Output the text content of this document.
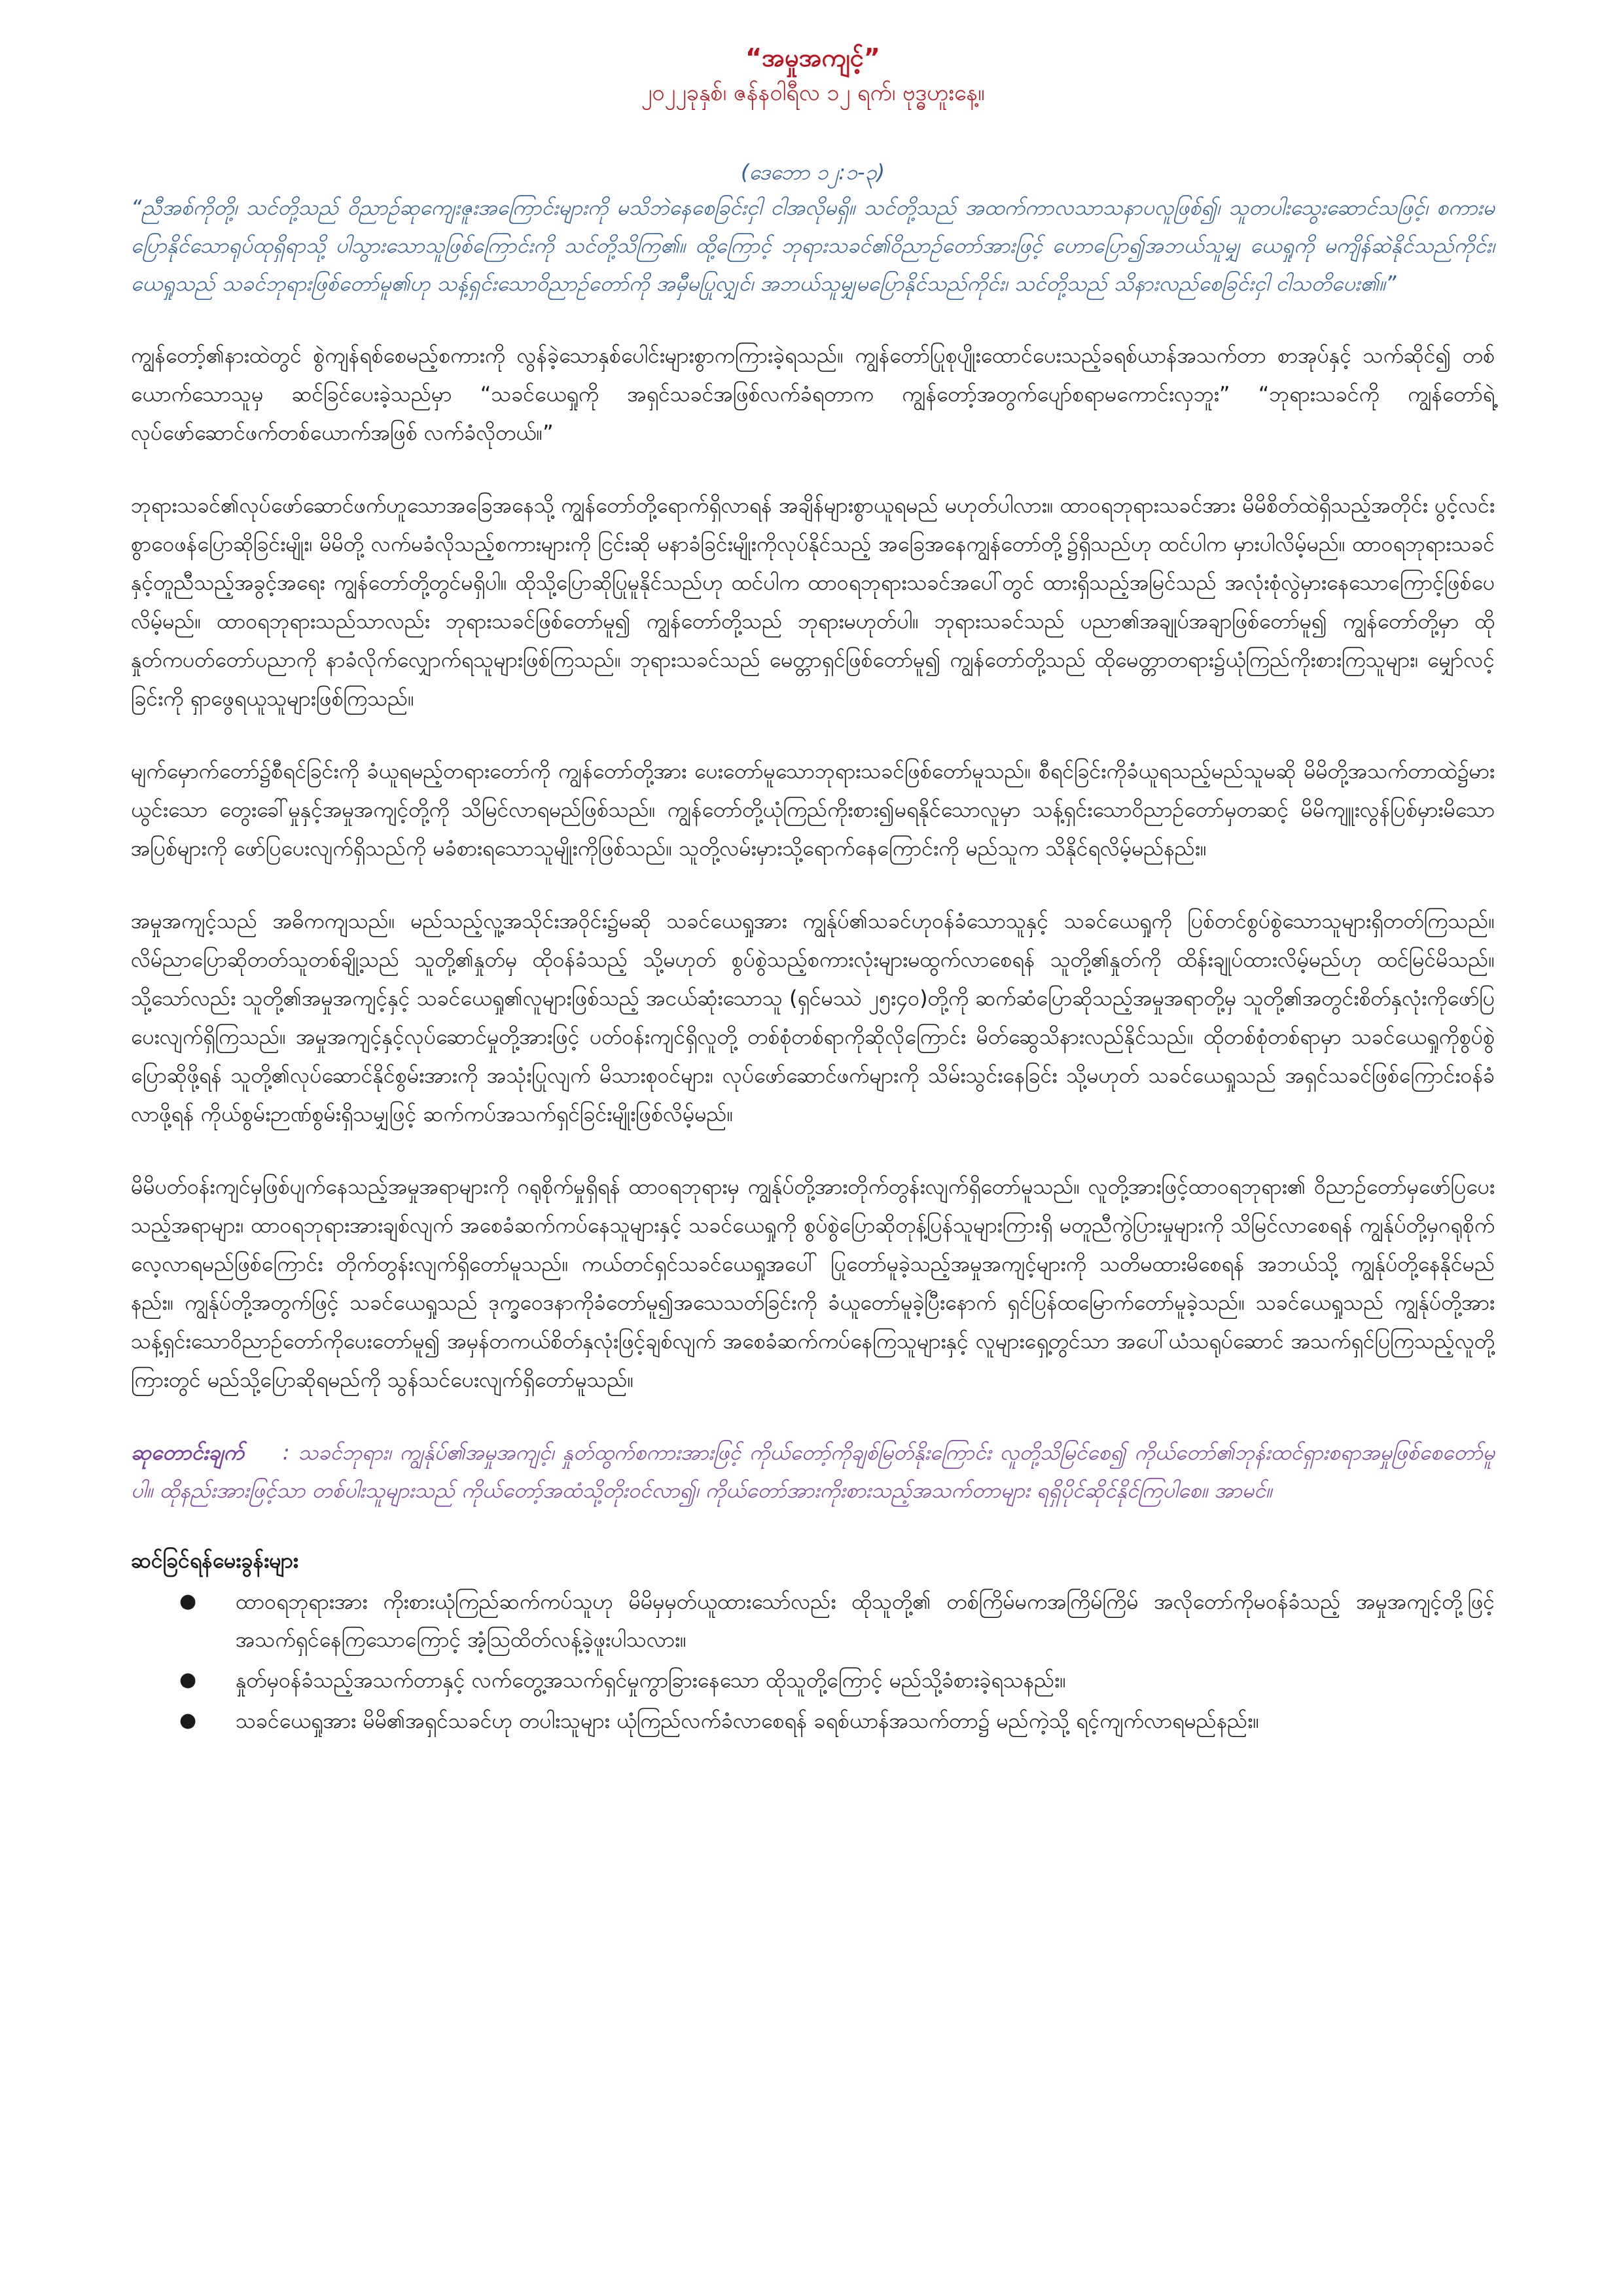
“အမှုအကျင့်”

၂၀၂၂ခုနှစ်၊ ဇန်နဝါရီလ ၁၂ ရက်၊ ဗုဒ္ဓဟူးနေ့။

(ဒေဘော ၁၂:၁-၃)

“ညီအစ်ကိုတို့၊ သင်တို့သည် ဝိညာဉ်ဆုကျေးဇူးအကြောင်းများကို မသိဘဲနေစေခြင်းငှါ ငါအလိုမရှိ။ သင်တို့သည် အထက်ကာလသာသနာပလူဖြစ်၍၊ သူတပါးသွေးဆောင်သဖြင့်၊ စကားမပြောနိုင်သောရုပ်ထုရှိရာသို့ ပါသွားသောသူဖြစ်ကြောင်းကို သင်တို့သိကြ၏။ ထို့ကြောင့် ဘုရားသခင်၏ဝိညာဉ်တော်အားဖြင့် ဟောပြော၍အဘယ်သူမျှ ယေရှုကို မကျိန်ဆဲနိုင်သည်ကိုင်း၊ ယေရှုသည် သခင်ဘုရားဖြစ်တော်မူ၏ဟု သန့်ရှင်းသောဝိညာဉ်တော်ကို အမှီမပြုလျှင်၊ အဘယ်သူမျှမပြောနိုင်သည်ကိုင်း၊ သင်တို့သည် သိနားလည်စေခြင်းငှါ ငါသတိပေး၏။”

ကျွန်တော့်၏နားထဲတွင် စွဲကျန်ရစ်စေမည့်စကားကို လွန်ခဲ့သောနှစ်ပေါင်းများစွာကကြားခဲ့ရသည်။ ကျွန်တော်ပြုစုပျိုးထောင်ပေးသည့်ခရစ်ယာန်အသက်တာ စာအုပ်နှင့် သက်ဆိုင်၍ တစ်ယောက်သောသူမှ ဆင်ခြင်ပေးခဲ့သည်မှာ “သခင်ယေရှုကို အရှင်သခင်အဖြစ်လက်ခံရတာက ကျွန်တော့်အတွက်ပျော်စရာမကောင်းလှဘူး” “ဘုရားသခင်ကို ကျွန်တော်ရဲ့လုပ်ဖော်ဆောင်ဖက်တစ်ယောက်အဖြစ် လက်ခံလိုတယ်။”

ဘုရားသခင်၏လုပ်ဖော်ဆောင်ဖက်ဟူသောအခြေအနေသို့ ကျွန်တော်တို့ရောက်ရှိလာရန် အချိန်များစွာယူရမည် မဟုတ်ပါလား။ ထာဝရဘုရားသခင်အား မိမိစိတ်ထဲရှိသည့်အတိုင်း ပွင့်လင်းစွာဝေဖန်ပြောဆိုခြင်းမျိုး၊ မိမိတို့ လက်မခံလိုသည့်စကားများကို ငြင်းဆို မနာခံခြင်းမျိုးကိုလုပ်နိုင်သည့် အခြေအနေကျွန်တော်တို့၌ရှိသည်ဟု ထင်ပါက မှားပါလိမ့်မည်။ ထာဝရဘုရားသခင်နှင့်တူညီသည့်အခွင့်အရေး ကျွန်တော်တို့တွင်မရှိပါ။ ထိုသို့ပြောဆိုပြုမူနိုင်သည်ဟု ထင်ပါက ထာဝရဘုရားသခင်အပေါ်တွင် ထားရှိသည့်အမြင်သည် အလုံးစုံလွဲမှားနေသောကြောင့်ဖြစ်ပေလိမ့်မည်။ ထာဝရဘုရားသည်သာလည်း ဘုရားသခင်ဖြစ်တော်မူ၍ ကျွန်တော်တို့သည် ဘုရားမဟုတ်ပါ။ ဘုရားသခင်သည် ပညာ၏အချုပ်အချာဖြစ်တော်မူ၍ ကျွန်တော်တို့မှာ ထိုနှုတ်ကပတ်တော်ပညာကို နာခံလိုက်လျှောက်ရသူများဖြစ်ကြသည်။ ဘုရားသခင်သည် မေတ္တာရှင်ဖြစ်တော်မူ၍ ကျွန်တော်တို့သည် ထိုမေတ္တာတရား၌ယုံကြည်ကိုးစားကြသူများ၊ မျှော်လင့်ခြင်းကို ရှာဖွေရယူသူများဖြစ်ကြသည်။

မျက်မှောက်တော်၌စီရင်ခြင်းကို ခံယူရမည့်တရားတော်ကို ကျွန်တော်တို့အား ပေးတော်မူသောဘုရားသခင်ဖြစ်တော်မူသည်။ စီရင်ခြင်းကိုခံယူရသည့်မည်သူမဆို မိမိတို့အသက်တာထဲ၌မားယွင်းသော တွေးခေါ်မှုနှင့်အမှုအကျင့်တို့ကို သိမြင်လာရမည်ဖြစ်သည်။ ကျွန်တော်တို့ယုံကြည်ကိုးစား၍မရနိုင်သောလူမှာ သန့်ရှင်းသောဝိညာဉ်တော်မှတဆင့် မိမိကျူးလွန်ပြစ်မှားမိသောအပြစ်များကို ဖော်ပြပေးလျက်ရှိသည်ကို မခံစားရသောသူမျိုးကိုဖြစ်သည်။ သူတို့လမ်းမှားသို့ရောက်နေကြောင်းကို မည်သူက သိနိုင်ရလိမ့်မည်နည်း။

အမှုအကျင့်သည် အဓိကကျသည်။ မည်သည့်လူ့အသိုင်းအဝိုင်း၌မဆို သခင်ယေရှုအား ကျွန်ုပ်၏သခင်ဟုဝန်ခံသောသူနှင့် သခင်ယေရှုကို ပြစ်တင်စွပ်စွဲသောသူများရှိတတ်ကြသည်။ လိမ်ညာပြောဆိုတတ်သူတစ်ချို့သည် သူတို့၏နှုတ်မှ ထိုဝန်ခံသည့် သို့မဟုတ် စွပ်စွဲသည့်စကားလုံးများမထွက်လာစေရန် သူတို့၏နှုတ်ကို ထိန်းချုပ်ထားလိမ့်မည်ဟု ထင်မြင်မိသည်။ သို့သော်လည်း သူတို့၏အမှုအကျင့်နှင့် သခင်ယေရှု၏လူများဖြစ်သည့် အငယ်ဆုံးသောသူ (ရှင်မဿဲ ၂၅း၄၀)တို့ကို ဆက်ဆံပြောဆိုသည့်အမှုအရာတို့မှ သူတို့၏အတွင်းစိတ်နှလုံးကိုဖော်ပြပေးလျက်ရှိကြသည်။ အမှုအကျင့်နှင့်လုပ်ဆောင်မှုတို့အားဖြင့် ပတ်ဝန်းကျင်ရှိလူတို့ တစ်စုံတစ်ရာကိုဆိုလိုကြောင်း မိတ်ဆွေသိနားလည်နိုင်သည်။ ထိုတစ်စုံတစ်ရာမှာ သခင်ယေရှုကိုစွပ်စွဲပြောဆိုဖို့ရန် သူတို့၏လုပ်ဆောင်နိုင်စွမ်းအားကို အသုံးပြုလျက် မိသားစုဝင်များ၊ လုပ်ဖော်ဆောင်ဖက်များကို သိမ်းသွင်းနေခြင်း သို့မဟုတ် သခင်ယေရှုသည် အရှင်သခင်ဖြစ်ကြောင်းဝန်ခံလာဖို့ရန် ကိုယ်စွမ်းဉာဏ်စွမ်းရှိသမျှဖြင့် ဆက်ကပ်အသက်ရှင်ခြင်းမျိုးဖြစ်လိမ့်မည်။

မိမိပတ်ဝန်းကျင်မှဖြစ်ပျက်နေသည့်အမှုအရာများကို ဂရုစိုက်မှုရှိရန် ထာဝရဘုရားမှ ကျွန်ုပ်တို့အားတိုက်တွန်းလျက်ရှိတော်မူသည်။ လူတို့အားဖြင့်ထာဝရဘုရား၏ ဝိညာဉ်တော်မှဖော်ပြပေးသည့်အရာများ၊ ထာဝရဘုရားအားချစ်လျက် အစေခံဆက်ကပ်နေသူများနှင့် သခင်ယေရှုကို စွပ်စွဲပြောဆိုတုန့်ပြန်သူများကြားရှိ မတူညီကွဲပြားမှုများကို သိမြင်လာစေရန် ကျွန်ုပ်တို့မှဂရုစိုက်လေ့လာရမည်ဖြစ်ကြောင်း တိုက်တွန်းလျက်ရှိတော်မူသည်။ ကယ်တင်ရှင်သခင်ယေရှုအပေါ် ပြုတော်မူခဲ့သည့်အမှုအကျင့်များကို သတိမထားမိစေရန် အဘယ်သို့ ကျွန်ုပ်တို့နေနိုင်မည်နည်း။ ကျွန်ုပ်တို့အတွက်ဖြင့် သခင်ယေရှုသည် ဒုက္ခဝေဒနာကိုခံတော်မူ၍အသေသတ်ခြင်းကို ခံယူတော်မူခဲ့ပြီးနောက် ရှင်ပြန်ထမြောက်တော်မူခဲ့သည်။ သခင်ယေရှုသည် ကျွန်ုပ်တို့အား သန့်ရှင်းသောဝိညာဉ်တော်ကိုပေးတော်မူ၍ အမှန်တကယ်စိတ်နှလုံးဖြင့်ချစ်လျက် အစေခံဆက်ကပ်နေကြသူများနှင့် လူများရှေ့တွင်သာ အပေါ်ယံသရုပ်ဆောင် အသက်ရှင်ပြကြသည့်လူတို့ကြားတွင် မည်သို့ပြောဆိုရမည်ကို သွန်သင်ပေးလျက်ရှိတော်မူသည်။

ဆုတောင်းချက် : သခင်ဘုရား၊ ကျွန်ုပ်၏အမှုအကျင့်၊ နှုတ်ထွက်စကားအားဖြင့် ကိုယ်တော့်ကိုချစ်မြတ်နိုးကြောင်း လူတို့သိမြင်စေ၍ ကိုယ်တော်၏ဘုန်းထင်ရှားစရာအမှုဖြစ်စေတော်မူပါ။ ထိုနည်းအားဖြင့်သာ တစ်ပါးသူများသည် ကိုယ်တော့်အထံသို့တိုးဝင်လာ၍၊ ကိုယ်တော်အားကိုးစားသည့်အသက်တာများ ရရှိပိုင်ဆိုင်နိုင်ကြပါစေ။ အာမင်။

ဆင်ခြင်ရန်မေးခွန်းများ

● ထာဝရဘုရားအား ကိုးစားယုံကြည်ဆက်ကပ်သူဟု မိမိမှမှတ်ယူထားသော်လည်း ထိုသူတို့၏ တစ်ကြိမ်မကအကြိမ်ကြိမ် အလိုတော်ကိုမဝန်ခံသည့် အမှုအကျင့်တို့ဖြင့် အသက်ရှင်နေကြသောကြောင့် အံ့သြထိတ်လန့်ခဲ့ဖူးပါသလား။
● နှုတ်မှဝန်ခံသည့်အသက်တာနှင့် လက်တွေ့အသက်ရှင်မှုကွာခြားနေသော ထိုသူတို့ကြောင့် မည်သို့ခံစားခဲ့ရသနည်း။
● သခင်ယေရှုအား မိမိ၏အရှင်သခင်ဟု တပါးသူများ ယုံကြည်လက်ခံလာစေရန် ခရစ်ယာန်အသက်တာ၌ မည်ကဲ့သို့ ရင့်ကျက်လာရမည်နည်း။
